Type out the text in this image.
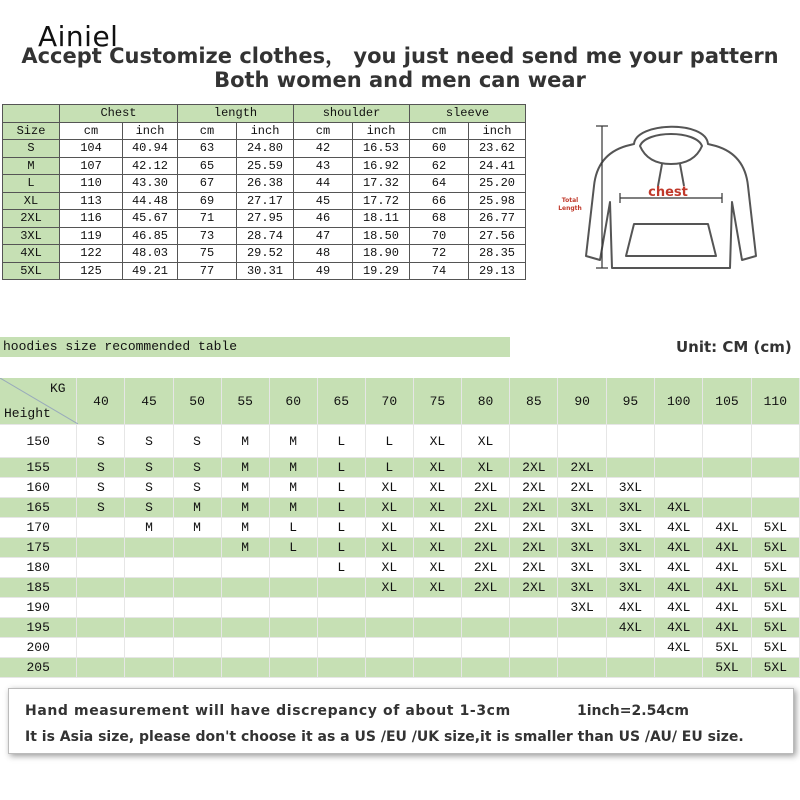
Ainiel
Accept Customize clothes， you just need send me your pattern
Both women and men can wear
	Chest		length		shoulder		sleeve	
Size	cm	inch	cm	inch	cm	inch	cm	inch
S	104	40.94	63	24.80	42	16.53	60	23.62
M	107	42.12	65	25.59	43	16.92	62	24.41
L	110	43.30	67	26.38	44	17.32	64	25.20
XL	113	44.48	69	27.17	45	17.72	66	25.98
2XL	116	45.67	71	27.95	46	18.11	68	26.77
3XL	119	46.85	73	28.74	47	18.50	70	27.56
4XL	122	48.03	75	29.52	48	18.90	72	28.35
5XL	125	49.21	77	30.31	49	19.29	74	29.13
chest
Total
Length
hoodies size recommended table	Unit: CM (cm)
KG
Height	40	45	50	55	60	65	70	75	80	85	90	95	100	105	110
150	S	S	S	M	M	L	L	XL	XL						
155	S	S	S	M	M	L	L	XL	XL	2XL	2XL				
160	S	S	S	M	M	L	XL	XL	2XL	2XL	2XL	3XL			
165	S	S	M	M	M	L	XL	XL	2XL	2XL	3XL	3XL	4XL		
170		M	M	M	L	L	XL	XL	2XL	2XL	3XL	3XL	4XL	4XL	5XL
175				M	L	L	XL	XL	2XL	2XL	3XL	3XL	4XL	4XL	5XL
180						L	XL	XL	2XL	2XL	3XL	3XL	4XL	4XL	5XL
185							XL	XL	2XL	2XL	3XL	3XL	4XL	4XL	5XL
190											3XL	4XL	4XL	4XL	5XL
195												4XL	4XL	4XL	5XL
200													4XL	5XL	5XL
205														5XL	5XL
Hand measurement will have discrepancy of about 1-3cm	1inch=2.54cm
It is Asia size, please don't choose it as a US /EU /UK size,it is smaller than US /AU/ EU size.
